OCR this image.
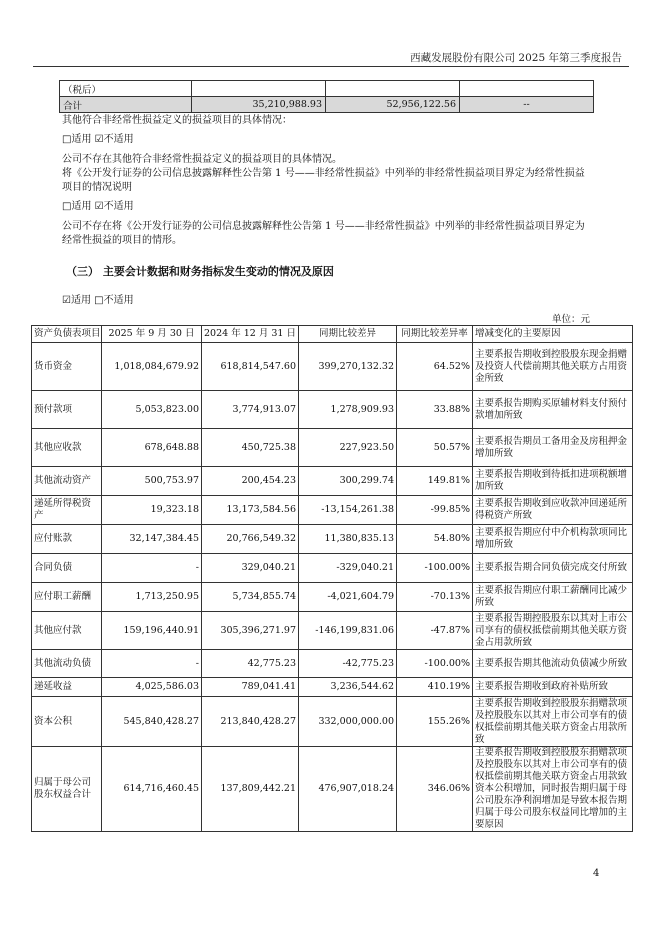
西藏发展股份有限公司 2025 年第三季度报告
（税后）			
合计	35,210,988.93	52,956,122.56	--
其他符合非经常性损益定义的损益项目的具体情况：
□适用 ☑不适用
公司不存在其他符合非经常性损益定义的损益项目的具体情况。
将《公开发行证券的公司信息披露解释性公告第 1 号——非经常性损益》中列举的非经常性损益项目界定为经常性损益
项目的情况说明
□适用 ☑不适用
公司不存在将《公开发行证券的公司信息披露解释性公告第 1 号——非经常性损益》中列举的非经常性损益项目界定为
经常性损益的项目的情形。
（三） 主要会计数据和财务指标发生变动的情况及原因
☑适用 □不适用
单位：元
资产负债表项目	2025 年 9 月 30 日	2024 年 12 月 31 日	同期比较差异	同期比较差异率	增减变化的主要原因
货币资金	1,018,084,679.92	618,814,547.60	399,270,132.32	64.52%	主要系报告期收到控股股东现金捐赠及投资人代偿前期其他关联方占用资金所致
预付款项	5,053,823.00	3,774,913.07	1,278,909.93	33.88%	主要系报告期购买原辅材料支付预付款增加所致
其他应收款	678,648.88	450,725.38	227,923.50	50.57%	主要系报告期员工备用金及房租押金增加所致
其他流动资产	500,753.97	200,454.23	300,299.74	149.81%	主要系报告期收到待抵扣进项税额增加所致
递延所得税资产	19,323.18	13,173,584.56	-13,154,261.38	-99.85%	主要系报告期收到应收款冲回递延所得税资产所致
应付账款	32,147,384.45	20,766,549.32	11,380,835.13	54.80%	主要系报告期应付中介机构款项同比增加所致
合同负债	-	329,040.21	-329,040.21	-100.00%	主要系报告期合同负债完成交付所致
应付职工薪酬	1,713,250.95	5,734,855.74	-4,021,604.79	-70.13%	主要系报告期应付职工薪酬同比减少所致
其他应付款	159,196,440.91	305,396,271.97	-146,199,831.06	-47.87%	主要系报告期控股股东以其对上市公司享有的债权抵偿前期其他关联方资金占用款所致
其他流动负债	-	42,775.23	-42,775.23	-100.00%	主要系报告期其他流动负债减少所致
递延收益	4,025,586.03	789,041.41	3,236,544.62	410.19%	主要系报告期收到政府补贴所致
资本公积	545,840,428.27	213,840,428.27	332,000,000.00	155.26%	主要系报告期收到控股股东捐赠款项及控股股东以其对上市公司享有的债权抵偿前期其他关联方资金占用款所致
归属于母公司股东权益合计	614,716,460.45	137,809,442.21	476,907,018.24	346.06%	主要系报告期收到控股股东捐赠款项及控股股东以其对上市公司享有的债权抵偿前期其他关联方资金占用款致资本公积增加，同时报告期归属于母公司股东净利润增加是导致本报告期归属于母公司股东权益同比增加的主要原因
4
